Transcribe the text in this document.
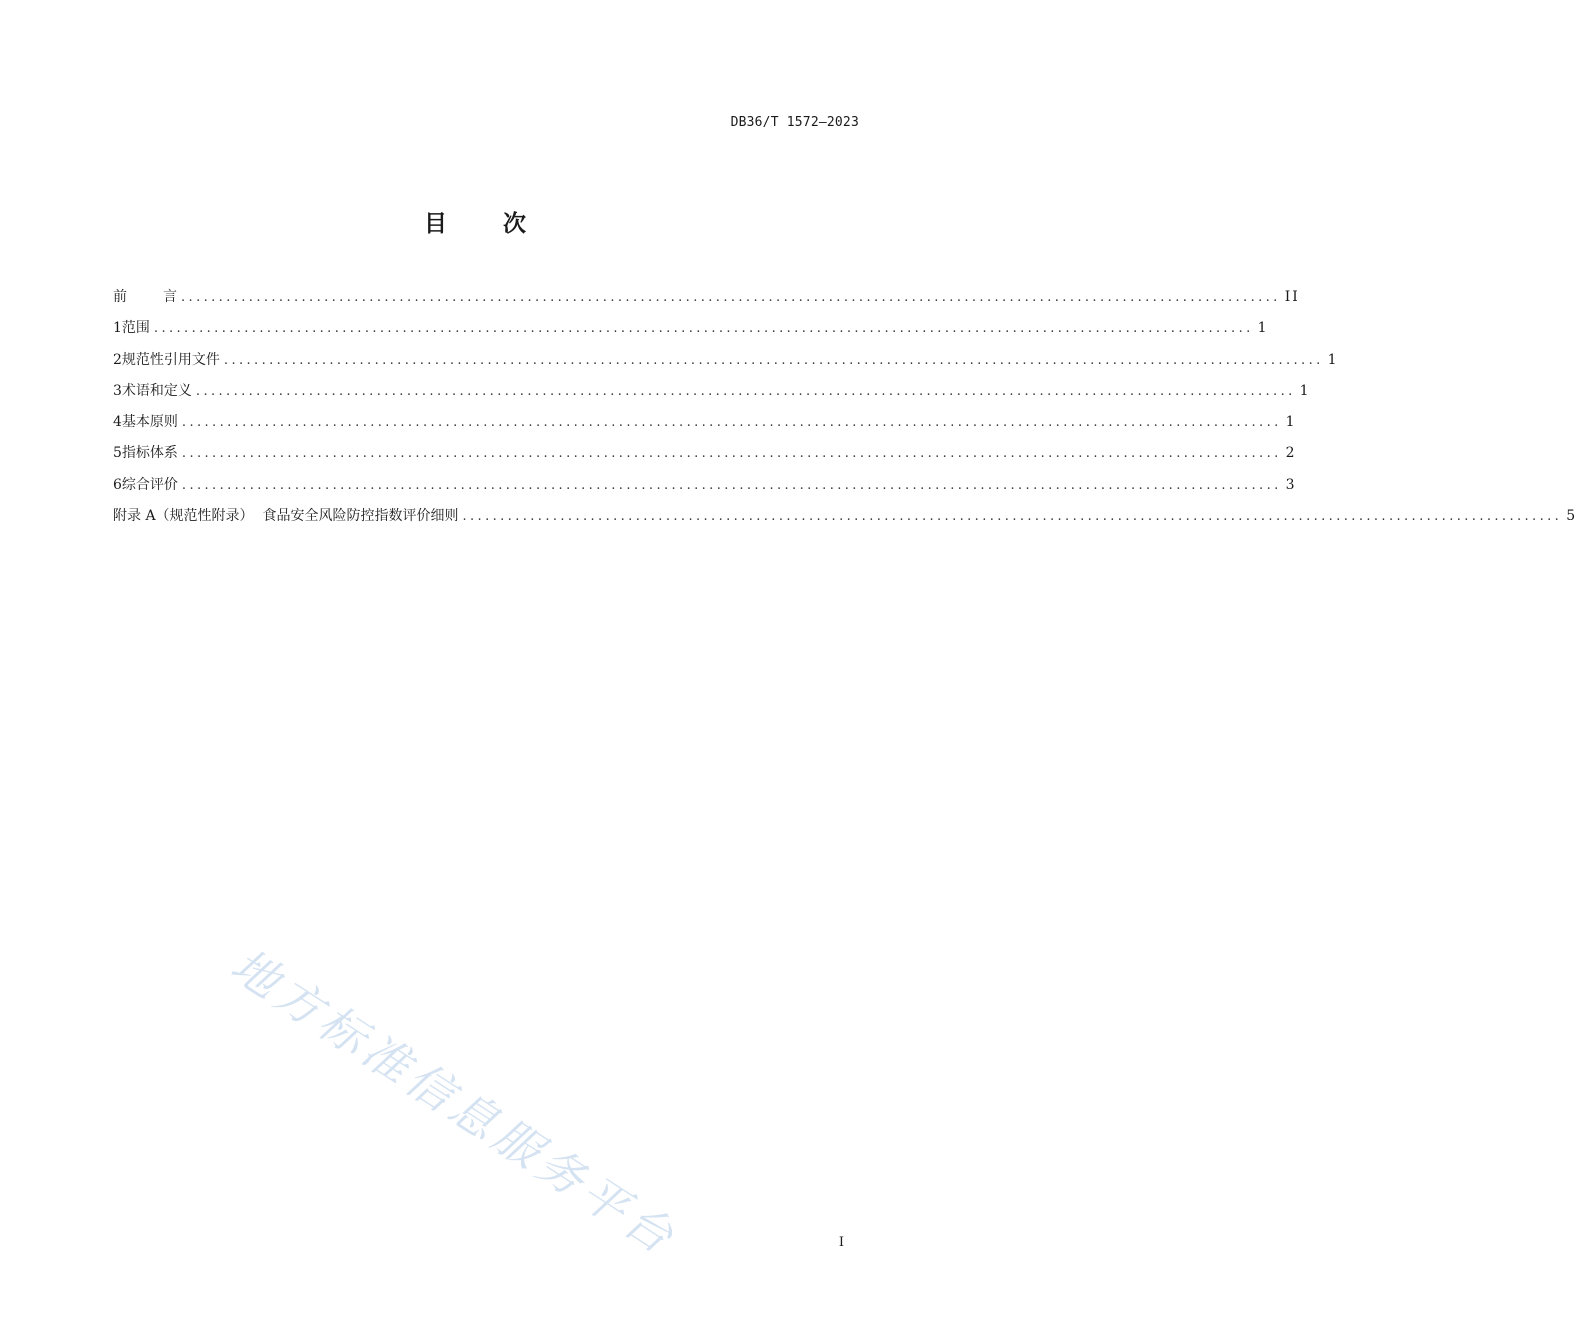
DB36/T 1572—2023
目 次
前	言 .................................................................................................................................................. II
1 范围 .................................................................................................................................................. 1
2 规范性引用文件 .................................................................................................................................................. 1
3 术语和定义 .................................................................................................................................................. 1
4 基本原则 .................................................................................................................................................. 1
5 指标体系 .................................................................................................................................................. 2
6 综合评价 .................................................................................................................................................. 3
附录 A（规范性附录）  食品安全风险防控指数评价细则 .................................................................................................................................................. 5
地方标准信息服务平台	I
